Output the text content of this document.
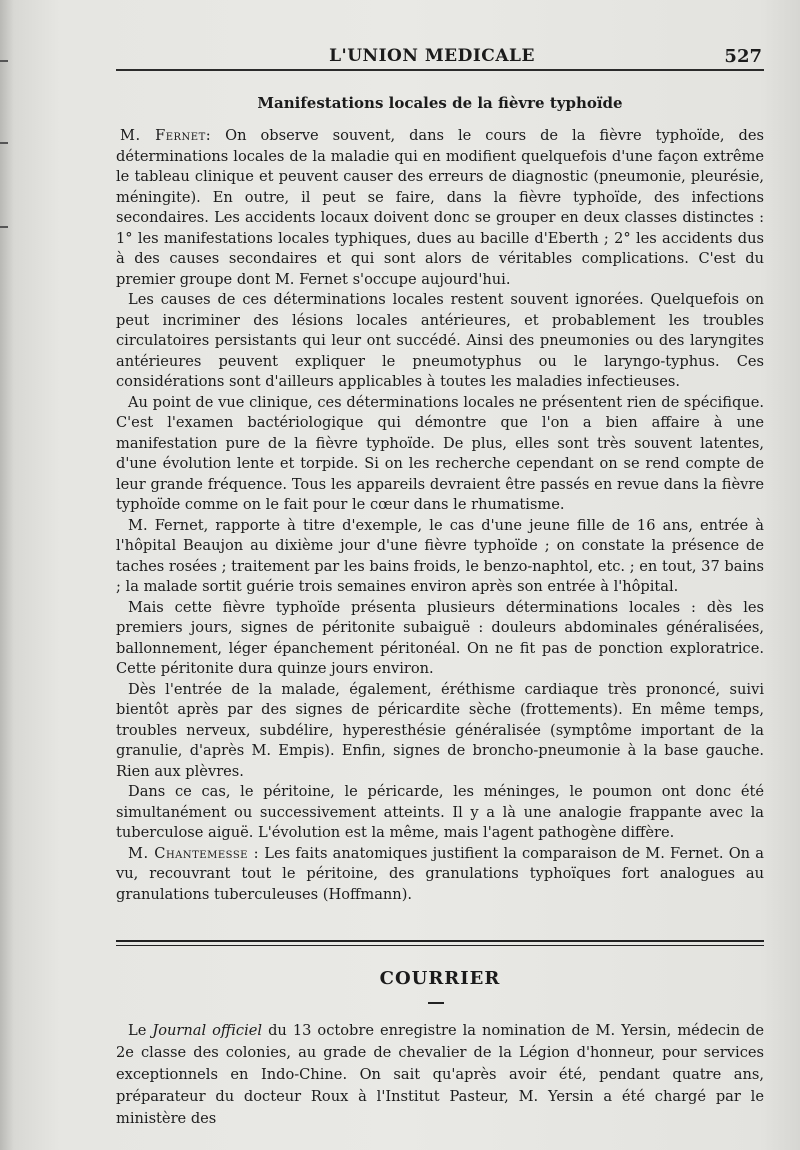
L'UNION MEDICALE	527
Manifestations locales de la fièvre typhoïde

M. Fernet: On observe souvent, dans le cours de la fièvre typhoïde, des déterminations locales de la maladie qui en modifient quelquefois d'une façon extrême le tableau clinique et peuvent causer des erreurs de diagnostic (pneumonie, pleurésie, méningite). En outre, il peut se faire, dans la fièvre typhoïde, des infections secondaires. Les accidents locaux doivent donc se grouper en deux classes distinctes : 1° les manifestations locales typhiques, dues au bacille d'Eberth ; 2° les accidents dus à des causes secondaires et qui sont alors de véritables complications. C'est du premier groupe dont M. Fernet s'occupe aujourd'hui.

Les causes de ces déterminations locales restent souvent ignorées. Quelquefois on peut incriminer des lésions locales antérieures, et probablement les troubles circulatoires persistants qui leur ont succédé. Ainsi des pneumonies ou des laryngites antérieures peuvent expliquer le pneumotyphus ou le laryngo-typhus. Ces considérations sont d'ailleurs applicables à toutes les maladies infectieuses.

Au point de vue clinique, ces déterminations locales ne présentent rien de spécifique. C'est l'examen bactériologique qui démontre que l'on a bien affaire à une manifestation pure de la fièvre typhoïde. De plus, elles sont très souvent latentes, d'une évolution lente et torpide. Si on les recherche cependant on se rend compte de leur grande fréquence. Tous les appareils devraient être passés en revue dans la fièvre typhoïde comme on le fait pour le cœur dans le rhumatisme.

M. Fernet, rapporte à titre d'exemple, le cas d'une jeune fille de 16 ans, entrée à l'hôpital Beaujon au dixième jour d'une fièvre typhoïde ; on constate la présence de taches rosées ; traitement par les bains froids, le benzo-naphtol, etc. ; en tout, 37 bains ; la malade sortit guérie trois semaines environ après son entrée à l'hôpital.

Mais cette fièvre typhoïde présenta plusieurs déterminations locales : dès les premiers jours, signes de péritonite subaiguë : douleurs abdominales généralisées, ballonnement, léger épanchement péritonéal. On ne fit pas de ponction exploratrice. Cette péritonite dura quinze jours environ.

Dès l'entrée de la malade, également, éréthisme cardiaque très prononcé, suivi bientôt après par des signes de péricardite sèche (frottements). En même temps, troubles nerveux, subdélire, hyperesthésie généralisée (symptôme important de la granulie, d'après M. Empis). Enfin, signes de broncho-pneumonie à la base gauche. Rien aux plèvres.

Dans ce cas, le péritoine, le péricarde, les méninges, le poumon ont donc été simultanément ou successivement atteints. Il y a là une analogie frappante avec la tuberculose aiguë. L'évolution est la même, mais l'agent pathogène diffère.

M. Chantemesse : Les faits anatomiques justifient la comparaison de M. Fernet. On a vu, recouvrant tout le péritoine, des granulations typhoïques fort analogues au granulations tuberculeuses (Hoffmann).

COURRIER

Le Journal officiel du 13 octobre enregistre la nomination de M. Yersin, médecin de 2e classe des colonies, au grade de chevalier de la Légion d'honneur, pour services exceptionnels en Indo-Chine. On sait qu'après avoir été, pendant quatre ans, préparateur du docteur Roux à l'Institut Pasteur, M. Yersin a été chargé par le ministère des
